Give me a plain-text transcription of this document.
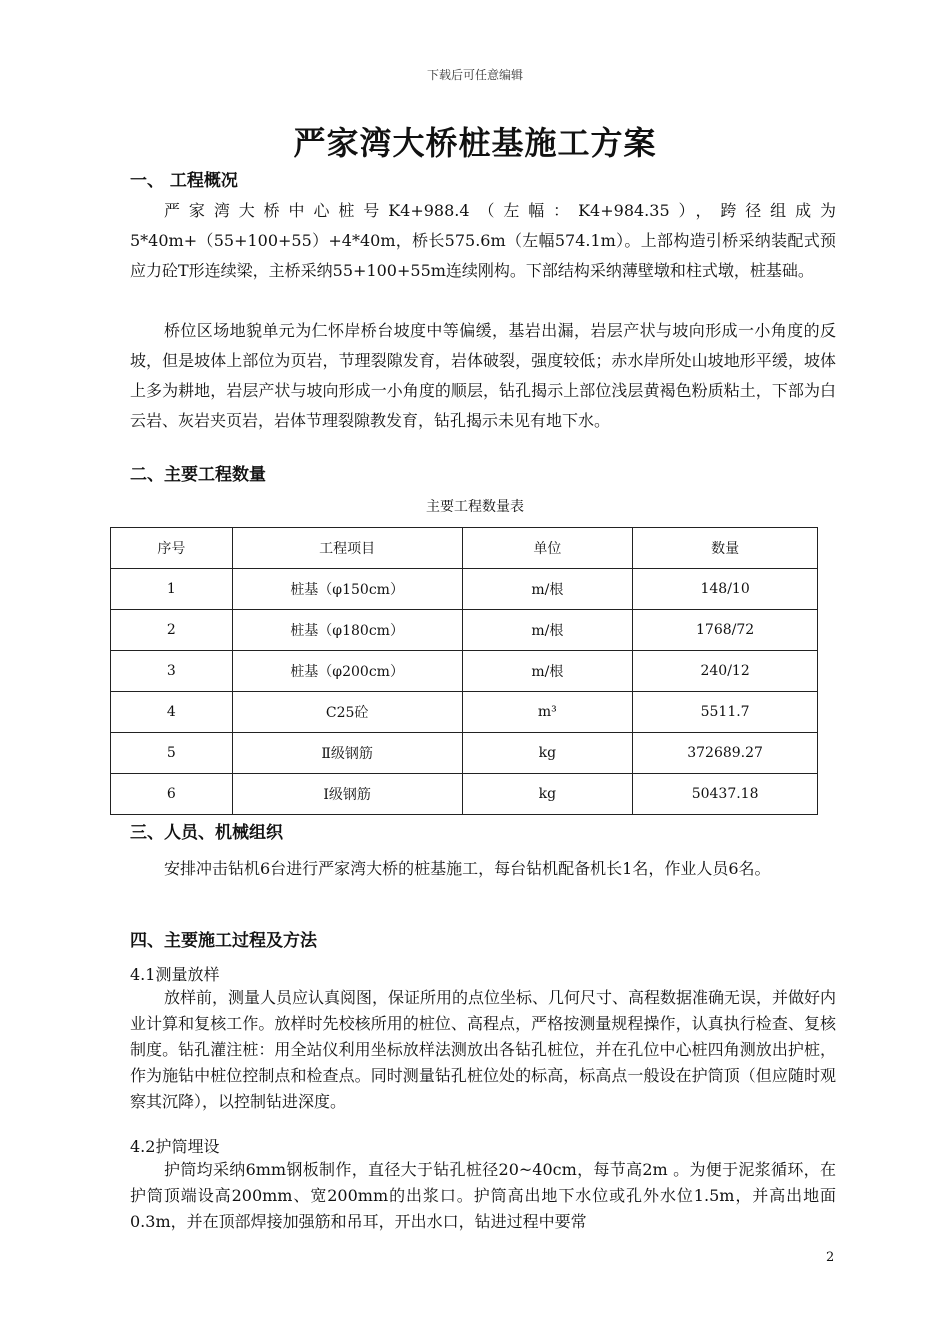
下载后可任意编辑
严家湾大桥桩基施工方案
一、 工程概况
严家湾大桥中心桩号K4+988.4（左幅：K4+984.35），跨径组成为5*40m+（55+100+55）+4*40m，桥长575.6m（左幅574.1m）。上部构造引桥采纳装配式预应力砼T形连续梁，主桥采纳55+100+55m连续刚构。下部结构采纳薄壁墩和柱式墩，桩基础。
桥位区场地貌单元为仁怀岸桥台坡度中等偏缓，基岩出漏，岩层产状与坡向形成一小角度的反坡，但是坡体上部位为页岩，节理裂隙发育，岩体破裂，强度较低；赤水岸所处山坡地形平缓，坡体上多为耕地，岩层产状与坡向形成一小角度的顺层，钻孔揭示上部位浅层黄褐色粉质粘土，下部为白云岩、灰岩夹页岩，岩体节理裂隙教发育，钻孔揭示未见有地下水。
二、主要工程数量
主要工程数量表
序号	工程项目	单位	数量
1	桩基（φ150cm）	m/根	148/10
2	桩基（φ180cm）	m/根	1768/72
3	桩基（φ200cm）	m/根	240/12
4	C25砼	m³	5511.7
5	Ⅱ级钢筋	kg	372689.27
6	Ⅰ级钢筋	kg	50437.18
三、人员、机械组织
安排冲击钻机6台进行严家湾大桥的桩基施工，每台钻机配备机长1名，作业人员6名。
四、主要施工过程及方法
4.1测量放样
放样前，测量人员应认真阅图，保证所用的点位坐标、几何尺寸、高程数据准确无误，并做好内业计算和复核工作。放样时先校核所用的桩位、高程点，严格按测量规程操作，认真执行检查、复核制度。钻孔灌注桩：用全站仪利用坐标放样法测放出各钻孔桩位，并在孔位中心桩四角测放出护桩，作为施钻中桩位控制点和检查点。同时测量钻孔桩位处的标高，标高点一般设在护筒顶（但应随时观察其沉降），以控制钻进深度。
4.2护筒埋设
护筒均采纳6mm钢板制作，直径大于钻孔桩径20~40cm，每节高2m 。为便于泥浆循环，在护筒顶端设高200mm、宽200mm的出浆口。护筒高出地下水位或孔外水位1.5m，并高出地面0.3m，并在顶部焊接加强筋和吊耳，开出水口，钻进过程中要常
2
